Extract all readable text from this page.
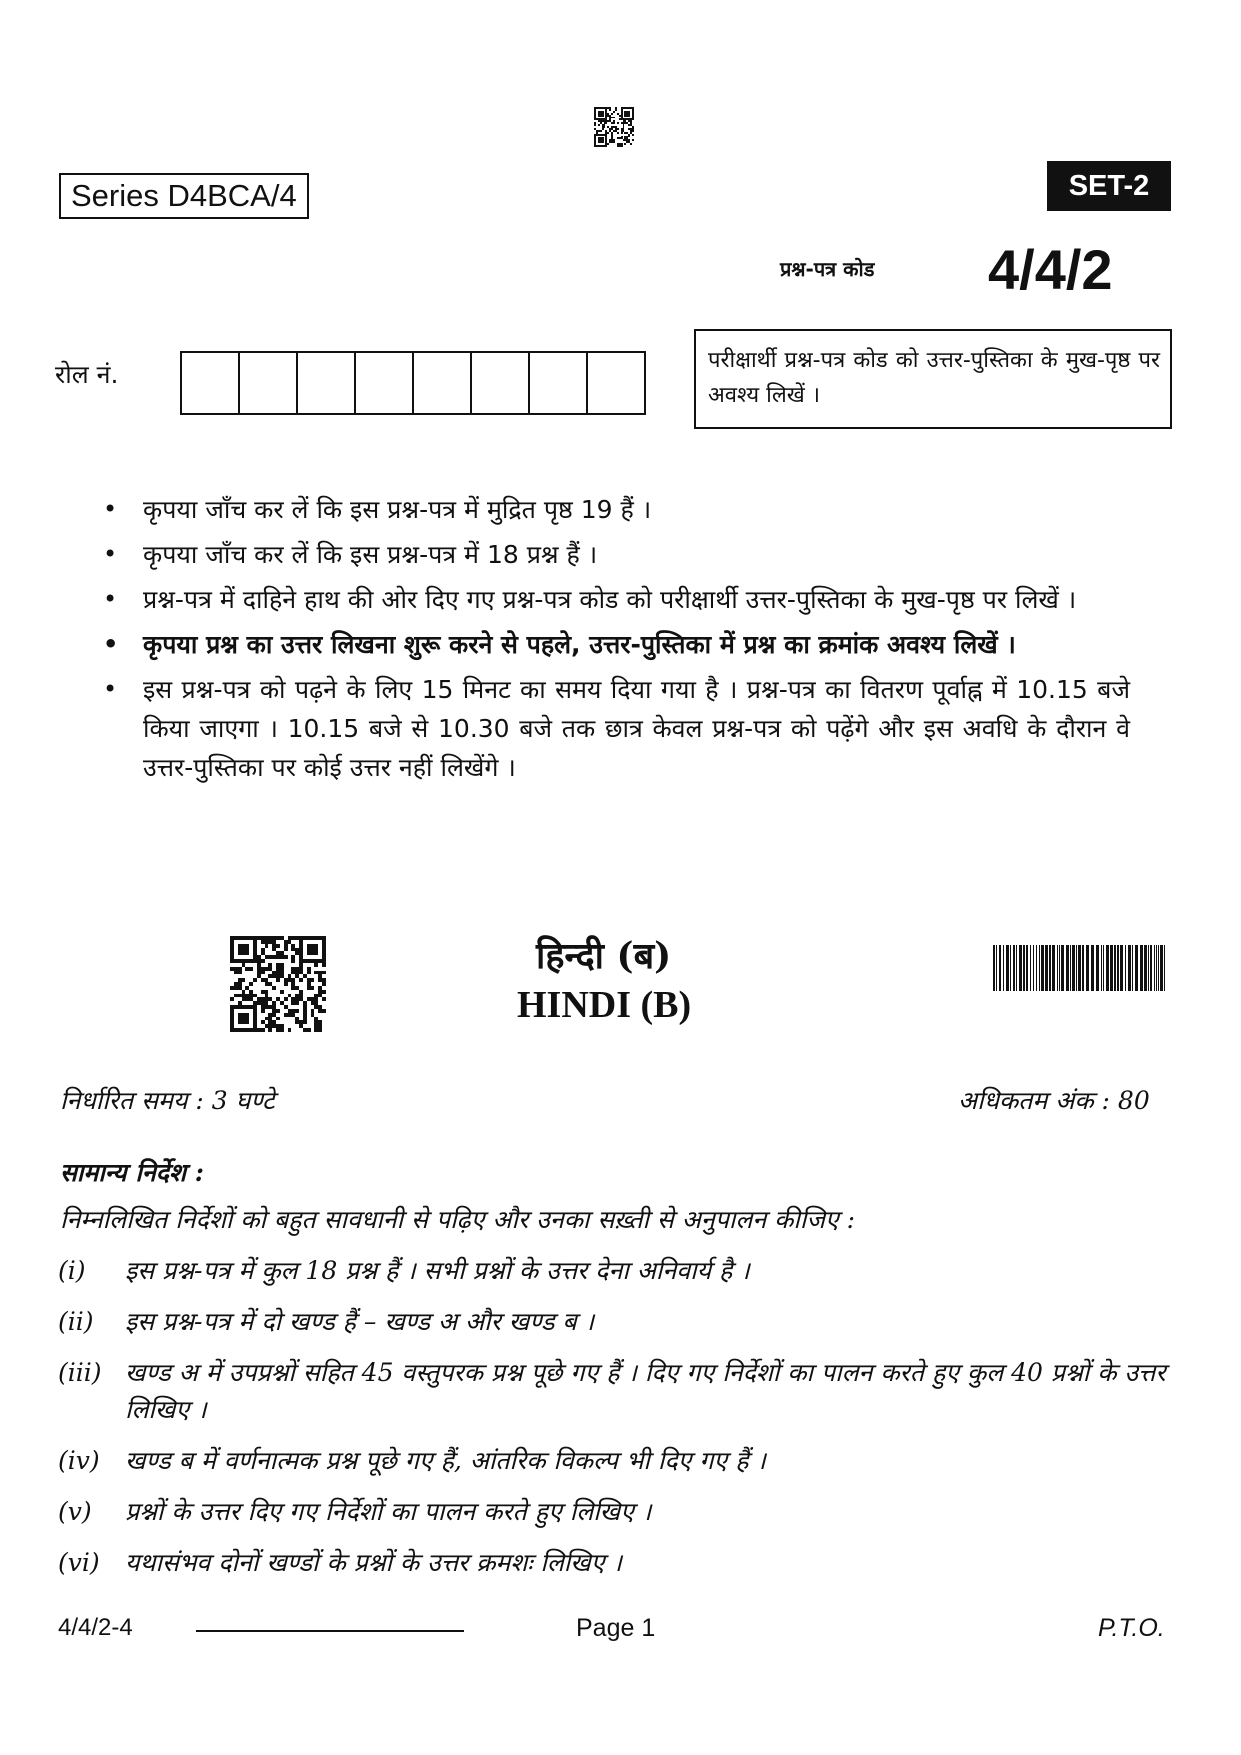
Series D4BCA/4	SET-2
प्रश्न-पत्र कोड 4/4/2
रोल नं.	परीक्षार्थी प्रश्न-पत्र कोड को उत्तर-पुस्तिका के मुख-पृष्ठ पर अवश्य लिखें ।
• कृपया जाँच कर लें कि इस प्रश्न-पत्र में मुद्रित पृष्ठ 19 हैं ।
• कृपया जाँच कर लें कि इस प्रश्न-पत्र में 18 प्रश्न हैं ।
• प्रश्न-पत्र में दाहिने हाथ की ओर दिए गए प्रश्न-पत्र कोड को परीक्षार्थी उत्तर-पुस्तिका के मुख-पृष्ठ पर लिखें ।
• कृपया प्रश्न का उत्तर लिखना शुरू करने से पहले, उत्तर-पुस्तिका में प्रश्न का क्रमांक अवश्य लिखें ।
• इस प्रश्न-पत्र को पढ़ने के लिए 15 मिनट का समय दिया गया है । प्रश्न-पत्र का वितरण पूर्वाह्न में 10.15 बजे किया जाएगा । 10.15 बजे से 10.30 बजे तक छात्र केवल प्रश्न-पत्र को पढ़ेंगे और इस अवधि के दौरान वे उत्तर-पुस्तिका पर कोई उत्तर नहीं लिखेंगे ।
हिन्दी (ब)
HINDI (B)
निर्धारित समय : 3 घण्टे	अधिकतम अंक : 80
सामान्य निर्देश :
निम्नलिखित निर्देशों को बहुत सावधानी से पढ़िए और उनका सख़्ती से अनुपालन कीजिए :
(i)	इस प्रश्न-पत्र में कुल 18 प्रश्न हैं । सभी प्रश्नों के उत्तर देना अनिवार्य है ।
(ii)	इस प्रश्न-पत्र में दो खण्ड हैं – खण्ड अ और खण्ड ब ।
(iii) खण्ड अ में उपप्रश्नों सहित 45 वस्तुपरक प्रश्न पूछे गए हैं । दिए गए निर्देशों का पालन करते हुए कुल 40 प्रश्नों के उत्तर लिखिए ।
(iv)	खण्ड ब में वर्णनात्मक प्रश्न पूछे गए हैं, आंतरिक विकल्प भी दिए गए हैं ।
(v)	प्रश्नों के उत्तर दिए गए निर्देशों का पालन करते हुए लिखिए ।
(vi)	यथासंभव दोनों खण्डों के प्रश्नों के उत्तर क्रमशः लिखिए ।
4/4/2-4	Page 1	P.T.O.
